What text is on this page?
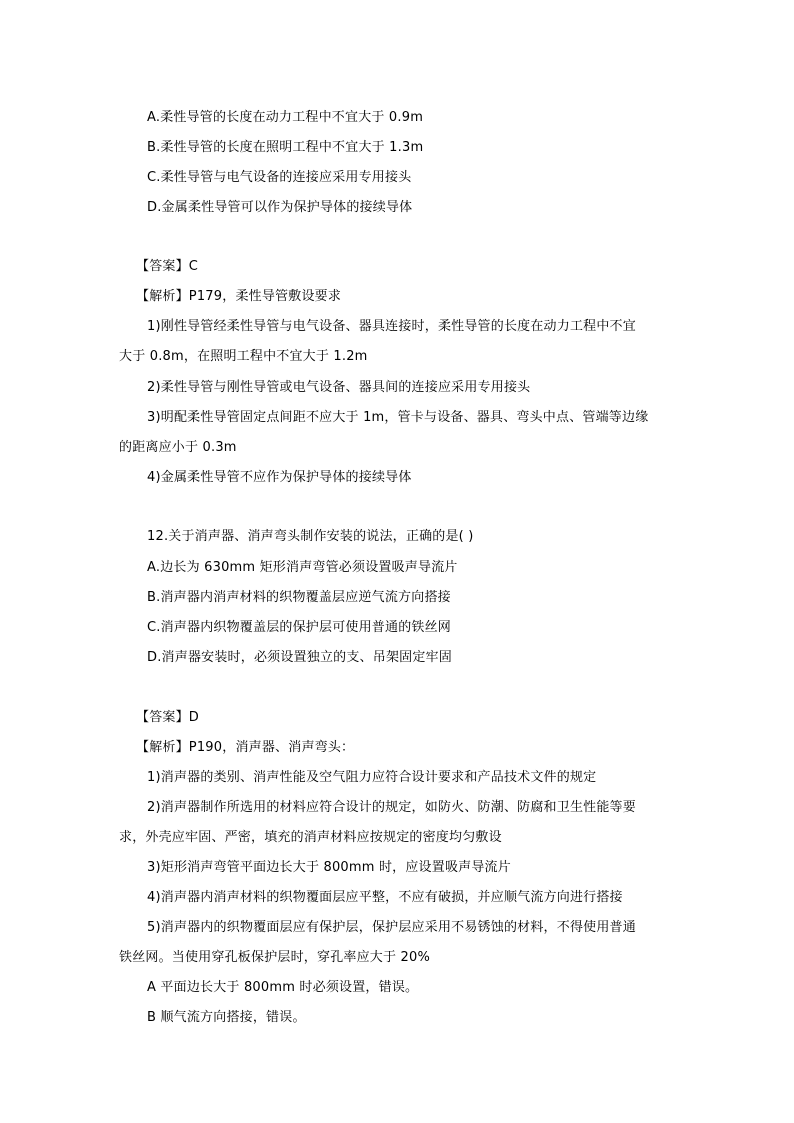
A.柔性导管的长度在动力工程中不宜大于 0.9m
B.柔性导管的长度在照明工程中不宜大于 1.3m
C.柔性导管与电气设备的连接应采用专用接头
D.金属柔性导管可以作为保护导体的接续导体
【答案】C
【解析】P179，柔性导管敷设要求
1)刚性导管经柔性导管与电气设备、器具连接时，柔性导管的长度在动力工程中不宜
大于 0.8m，在照明工程中不宜大于 1.2m
2)柔性导管与刚性导管或电气设备、器具间的连接应采用专用接头
3)明配柔性导管固定点间距不应大于 1m，管卡与设备、器具、弯头中点、管端等边缘
的距离应小于 0.3m
4)金属柔性导管不应作为保护导体的接续导体
12.关于消声器、消声弯头制作安装的说法，正确的是( )
A.边长为 630mm 矩形消声弯管必须设置吸声导流片
B.消声器内消声材料的织物覆盖层应逆气流方向搭接
C.消声器内织物覆盖层的保护层可使用普通的铁丝网
D.消声器安装时，必须设置独立的支、吊架固定牢固
【答案】D
【解析】P190，消声器、消声弯头：
1)消声器的类别、消声性能及空气阻力应符合设计要求和产品技术文件的规定
2)消声器制作所选用的材料应符合设计的规定，如防火、防潮、防腐和卫生性能等要
求，外壳应牢固、严密，填充的消声材料应按规定的密度均匀敷设
3)矩形消声弯管平面边长大于 800mm 时，应设置吸声导流片
4)消声器内消声材料的织物覆面层应平整，不应有破损，并应顺气流方向进行搭接
5)消声器内的织物覆面层应有保护层，保护层应采用不易锈蚀的材料，不得使用普通
铁丝网。当使用穿孔板保护层时，穿孔率应大于 20%
A 平面边长大于 800mm 时必须设置，错误。
B 顺气流方向搭接，错误。
